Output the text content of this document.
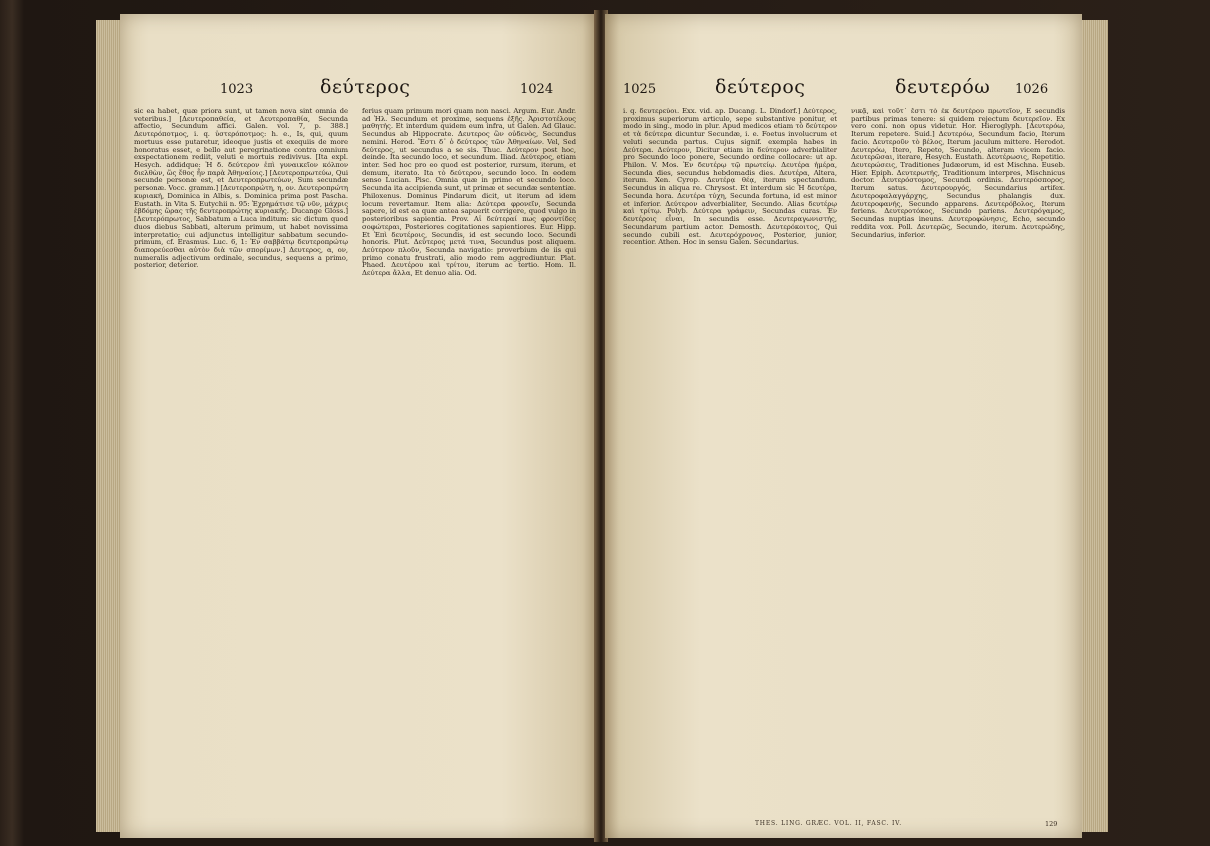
1023	δεύτερος	1024

sic ea habet, quæ priora sunt, ut tamen nova sint omnia de veteribus.] [Δευτεροπαθεία, et Δευτεροπαθία, Secunda affectio, Secundum affici. Galen. vol. 7, p. 388.] Δευτερόποτμος, i. q. ὑστερόποτμος: h. e., Is, qui, quum mortuus esse putaretur, ideoque justis et exequiis de more honoratus esset, e bello aut peregrinatione contra omnium exspectationem rediit, veluti e mortuis redivivus. [Ita expl. Hesych. addidque: Ἡ δ. δεύτερον ἐπὶ γυναικεῖον κόλπον διελθὼν, ὥς ἔθος ἦν παρὰ Ἀθηναίοις.] [Δευτεροπρωτεύω, Qui secunde personæ est, et Δευτεροπρωτεύων, Sum secundæ personæ. Vocc. gramm.] [Δευτεροπρώτη, η, ον. Δευτεροπρώτη κυριακή, Dominica in Albis, s. Dominica prima post Pascha. Eustath. in Vita S. Eutychii n. 95: Ἐχρημάτισε τῷ νῦν, μάχρις ἑβδόμης ὥρας τῆς δευτεροπρώτης κυριακῆς. Ducange Gloss.] [Δευτερόπρωτος, Sabbatum a Luca inditum: sic dictum quod duos diebus Sabbati, alterum primum, ut habet novissima interpretatio; cui adjunctus intelligitur sabbatum secundo-primum, cf. Erasmus. Luc. 6, 1: Ἐν σαββάτῳ δευτεροπρώτῳ διαπορεύεσθαι αὐτὸν διὰ τῶν σπορίμων.] Δευτερος, α, ον, numeralis adjectivum ordinale, secundus, sequens a primo, posterior, deterior.

ferius quam primum mori quam non nasci. Argum. Eur. Andr. ad Ἡλ. Secundum et proxime, sequens ἐξῆς. Ἀριστοτέλους μαθητής. Et interdum quidem eum infra, ut Galen. Ad Glauc. Secundus ab Hippocrate. Δευτερος ὢν οὐδενὸς, Secundus nemini. Herod. Ἔστι δ᾽ ὁ δεύτερος τῶν Ἀθηναίων. Vel, Sed δεύτερος, ut secundus a se sis. Thuc. Δεύτερον post hoc, deinde. Ita secundo loco, et secundum. Iliad. Δεύτερος, etiam inter. Sed hoc pro eo quod est posterior, rursum, iterum, et demum, iterato. Ita τὸ δεύτερον, secundo loco. In eodem senso Lucian. Pisc. Omnia quæ in primo et secundo loco. Secunda ita accipienda sunt, ut primæ et secundæ sententiæ. Philoxenus. Dominus Pindarum dicit, ut iterum ad idem locum revertamur. Item alia: Δεύτερα φρονεῖν, Secunda sapere, id est ea quæ antea sapuerit corrigere, quod vulgo in posterioribus sapientia. Prov. Αἱ δεύτεραί πως φροντίδες σοφώτεραι, Posteriores cogitationes sapientiores. Eur. Hipp. Et Ἐπὶ δευτέροις, Secundis, id est secundo loco. Secundi honoris. Plut. Δεύτερος μετά τινα, Secundus post aliquem. Δεύτερον πλοῦν, Secunda navigatio: proverbium de iis qui primo conatu frustrati, alio modo rem aggrediuntur. Plat. Phaed. Δευτέρου καὶ τρίτου, iterum ac tertio. Hom. Il. Δεύτερα ἄλλα, Et denuo alia. Od.

1025	δεύτερος	δευτερόω 1026

i. q. δευτερεύοι. Exx. vid. ap. Ducang. L. Dindorf.] Δεύτερος, proximus superiorum articulo, sepe substantive ponitur, et modo in sing., modo in plur. Apud medicos etiam τὸ δεύτερον et τὰ δεύτερα dicuntur Secundæ, i. e. Foetus involucrum et veluti secunda partus. Cujus signif. exempla habes in Δεύτερα. Δεύτερον, Dicitur etiam in δεύτερον adverbialiter pro Secundo loco ponere, Secundo ordine collocare: ut ap. Philon. V. Mos. Ἐν δευτέρῳ τῷ πρωτείῳ. Δευτέρα ἡμέρα, Secunda dies, secundus hebdomadis dies. Δευτέρα, Altera, iterum. Xen. Cyrop. Δευτέρᾳ θέᾳ, iterum spectandum. Secundus in aliqua re. Chrysost. Et interdum sic Ἡ δευτέρα, Secunda hora. Δευτέρα τύχη, Secunda fortuna, id est minor et inferior. Δεύτερον adverbialiter, Secundo. Alias δευτέρῳ καὶ τρίτῳ. Polyb. Δεύτερα γράφειν, Secundas curas. Ἐν δευτέροις εἶναι, In secundis esse. Δευτεραγωνιστής, Secundarum partium actor. Demosth. Δευτερόκοιτος, Qui secundo cubili est. Δευτερόχρονος, Posterior, junior, recentior. Athen. Hoc in sensu Galen. Secundarius.

νικᾷ, καὶ τοῦτ᾽ ἔστι τὸ ἐκ δευτέρου πρωτεῖον, E secundis partibus primas tenere: si quidem rejectum δευτερεῖον. Ex vero coni. non opus videtur. Hor. Hieroglyph. [Δευτερόω, Iterum repetere. Suid.] Δευτερόω, Secundum facio, Iterum facio. Δευτεροῦν τὸ βέλος, Iterum jaculum mittere. Herodot. Δευτερόω, Itero, Repeto, Secundo, alteram vicem facio. Δευτερῶσαι, iterare, Hesych. Eustath. Δευτέρωσις, Repetitio. Δευτερώσεις, Traditiones Judæorum, id est Mischna. Euseb. Hier. Epiph. Δευτερωτής, Traditionum interpres, Mischnicus doctor. Δευτερόστομος, Secundi ordinis. Δευτερόσπορος, Iterum satus. Δευτερουργός, Secundarius artifex. Δευτεροφαλαγγάρχης, Secundus phalangis dux. Δευτεροφανής, Secundo apparens. Δευτερόβολος, Iterum feriens. Δευτεροτόκος, Secundo pariens. Δευτερόγαμος, Secundas nuptias ineuns. Δευτεροφώνησις, Echo, secundo reddita vox. Poll. Δευτερῶς, Secundo, iterum. Δευτερώδης, Secundarius, inferior.

THES. LING. GRÆC. VOL. II, FASC. IV.	129
